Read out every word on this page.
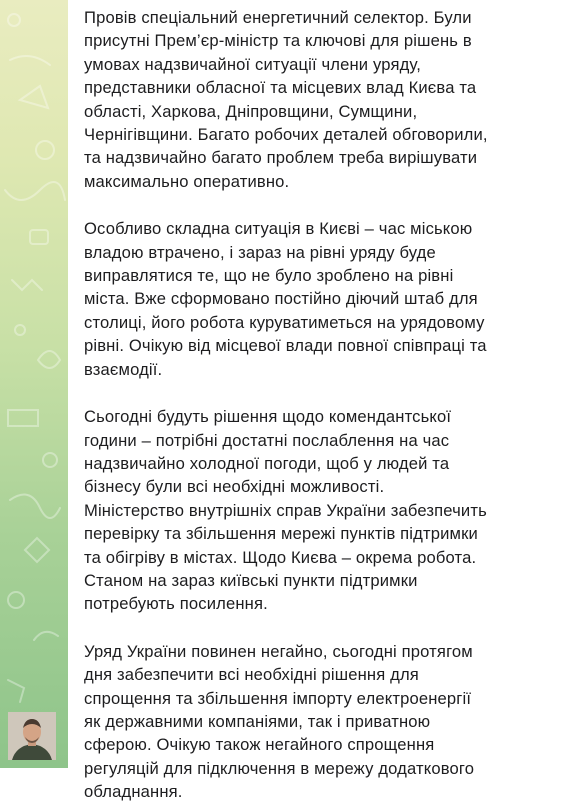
Провів спеціальний енергетичний селектор. Були
присутні Прем’єр-міністр та ключові для рішень в
умовах надзвичайної ситуації члени уряду,
представники обласної та місцевих влад Києва та
області, Харкова, Дніпровщини, Сумщини,
Чернігівщини. Багато робочих деталей обговорили,
та надзвичайно багато проблем треба вирішувати
максимально оперативно.

Особливо складна ситуація в Києві – час міською
владою втрачено, і зараз на рівні уряду буде
виправлятися те, що не було зроблено на рівні
міста. Вже сформовано постійно діючий штаб для
столиці, його робота куруватиметься на урядовому
рівні. Очікую від місцевої влади повної співпраці та
взаємодії.

Сьогодні будуть рішення щодо комендантської
години – потрібні достатні послаблення на час
надзвичайно холодної погоди, щоб у людей та
бізнесу були всі необхідні можливості.
Міністерство внутрішніх справ України забезпечить
перевірку та збільшення мережі пунктів підтримки
та обігріву в містах. Щодо Києва – окрема робота.
Станом на зараз київські пункти підтримки
потребують посилення.

Уряд України повинен негайно, сьогодні протягом
дня забезпечити всі необхідні рішення для
спрощення та збільшення імпорту електроенергії
як державними компаніями, так і приватною
сферою. Очікую також негайного спрощення
регуляцій для підключення в мережу додаткового
обладнання.
